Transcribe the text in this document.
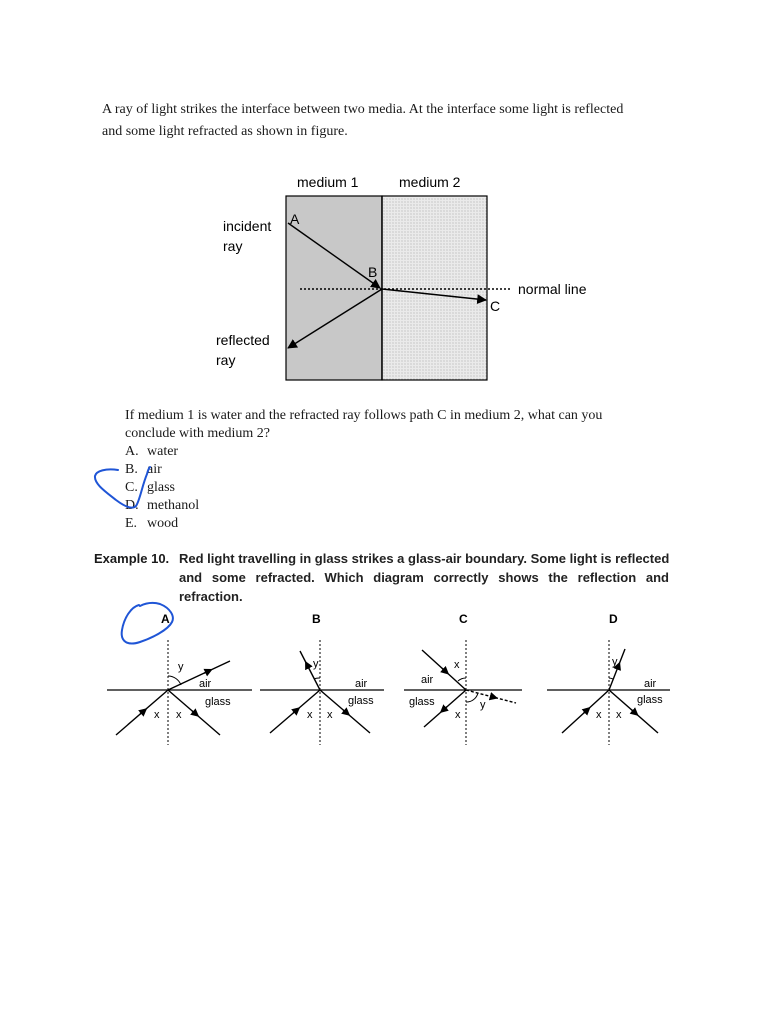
A ray of light strikes the interface between two media. At the interface some light is reflected
and some light refracted as shown in figure.
medium 1	medium 2
incident
ray
A
B
C
normal line
reflected
ray
If medium 1 is water and the refracted ray follows path C in medium 2, what can you
conclude with medium 2?
A. water
B. air
C. glass
D. methanol
E. wood
Example 10. Red light travelling in glass strikes a glass-air boundary. Some light is reflected
and some refracted. Which diagram correctly shows the reflection and
refraction.
A
y
air
glass
x x
B
y
air
glass
x x
C
x
air
glass
x
y
D
y
air
glass
x x
